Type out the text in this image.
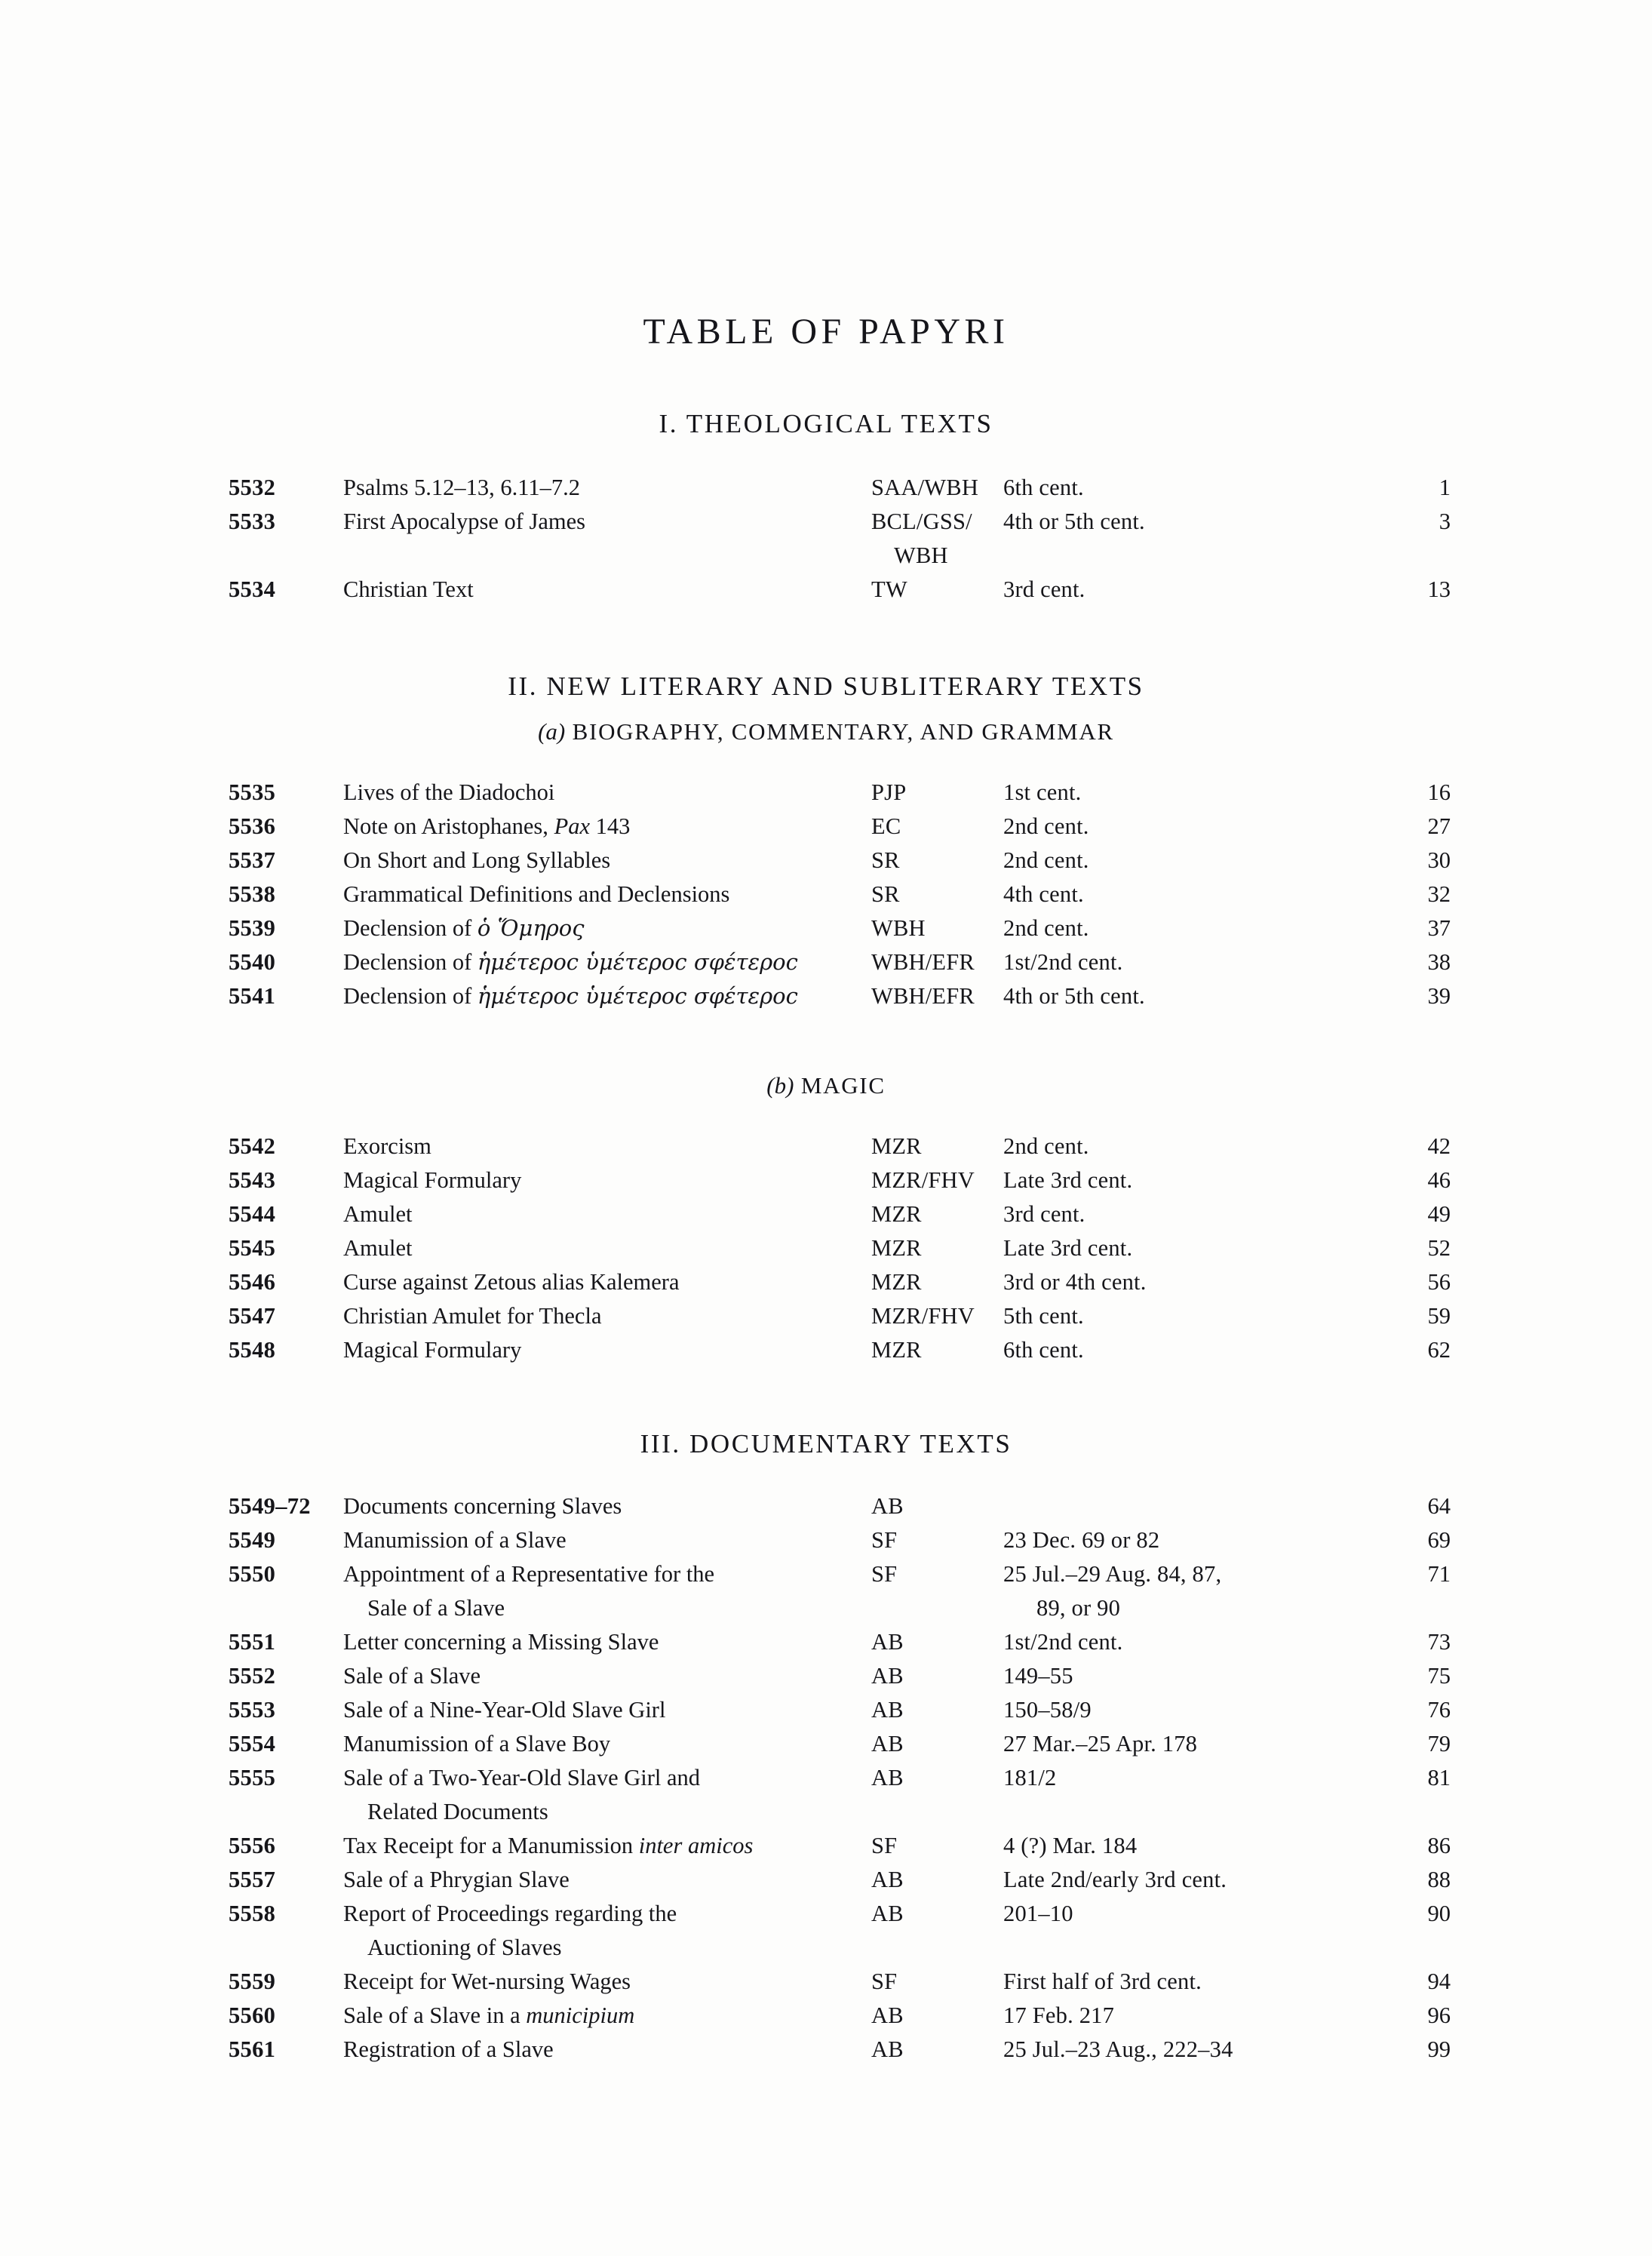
TABLE OF PAPYRI
I. THEOLOGICAL TEXTS
5532	Psalms 5.12–13, 6.11–7.2	SAA/WBH	6th cent.	1
5533	First Apocalypse of James	BCL/GSS/	4th or 5th cent.	3
		WBH		
5534	Christian Text	TW	3rd cent.	13
II. NEW LITERARY AND SUBLITERARY TEXTS
(a) BIOGRAPHY, COMMENTARY, AND GRAMMAR
5535	Lives of the Diadochoi	PJP	1st cent.	16
5536	Note on Aristophanes, Pax 143	EC	2nd cent.	27
5537	On Short and Long Syllables	SR	2nd cent.	30
5538	Grammatical Definitions and Declensions	SR	4th cent.	32
5539	Declension of ὁ Ὅμηρος	WBH	2nd cent.	37
5540	Declension of ἡμέτεροϲ ὑμέτεροϲ σφέτεροϲ	WBH/EFR	1st/2nd cent.	38
5541	Declension of ἡμέτεροϲ ὑμέτεροϲ σφέτεροϲ	WBH/EFR	4th or 5th cent.	39
(b) MAGIC
5542	Exorcism	MZR	2nd cent.	42
5543	Magical Formulary	MZR/FHV	Late 3rd cent.	46
5544	Amulet	MZR	3rd cent.	49
5545	Amulet	MZR	Late 3rd cent.	52
5546	Curse against Zetous alias Kalemera	MZR	3rd or 4th cent.	56
5547	Christian Amulet for Thecla	MZR/FHV	5th cent.	59
5548	Magical Formulary	MZR	6th cent.	62
III. DOCUMENTARY TEXTS
5549–72	Documents concerning Slaves	AB		64
5549	Manumission of a Slave	SF	23 Dec. 69 or 82	69
5550	Appointment of a Representative for the	SF	25 Jul.–29 Aug. 84, 87,	71
	Sale of a Slave		89, or 90	
5551	Letter concerning a Missing Slave	AB	1st/2nd cent.	73
5552	Sale of a Slave	AB	149–55	75
5553	Sale of a Nine-Year-Old Slave Girl	AB	150–58/9	76
5554	Manumission of a Slave Boy	AB	27 Mar.–25 Apr. 178	79
5555	Sale of a Two-Year-Old Slave Girl and	AB	181/2	81
	Related Documents			
5556	Tax Receipt for a Manumission inter amicos	SF	4 (?) Mar. 184	86
5557	Sale of a Phrygian Slave	AB	Late 2nd/early 3rd cent.	88
5558	Report of Proceedings regarding the	AB	201–10	90
	Auctioning of Slaves			
5559	Receipt for Wet-nursing Wages	SF	First half of 3rd cent.	94
5560	Sale of a Slave in a municipium	AB	17 Feb. 217	96
5561	Registration of a Slave	AB	25 Jul.–23 Aug., 222–34	99
